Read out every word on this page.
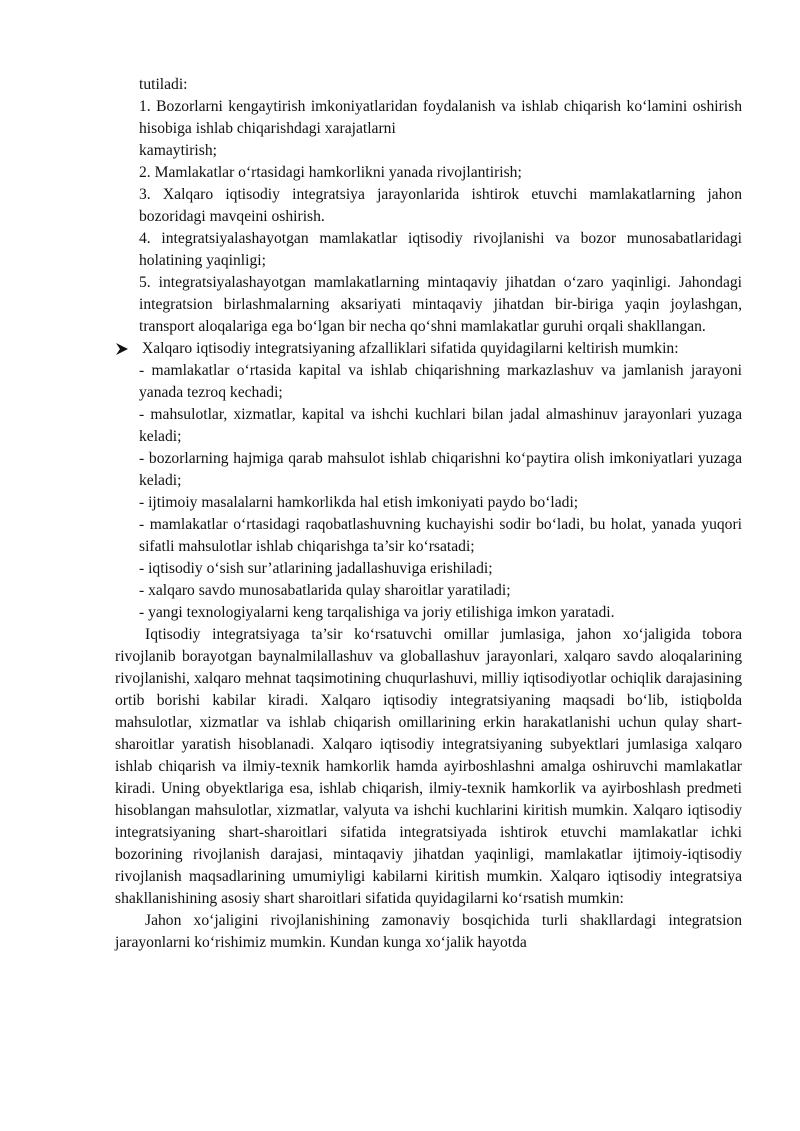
tutiladi:
1. Bozorlarni kengaytirish imkoniyatlaridan foydalanish va ishlab chiqarish ko‘lamini oshirish hisobiga ishlab chiqarishdagi xarajatlarni
kamaytirish;
2. Mamlakatlar o‘rtasidagi hamkorlikni yanada rivojlantirish;
3. Xalqaro iqtisodiy integratsiya jarayonlarida ishtirok etuvchi mamlakatlarning jahon bozoridagi mavqeini oshirish.
4. integratsiyalashayotgan mamlakatlar iqtisodiy rivojlanishi va bozor munosabatlaridagi holatining yaqinligi;
5. integratsiyalashayotgan mamlakatlarning mintaqaviy jihatdan o‘zaro yaqinligi. Jahondagi integratsion birlashmalarning aksariyati mintaqaviy jihatdan bir-biriga yaqin joylashgan, transport aloqalariga ega bo‘lgan bir necha qo‘shni mamlakatlar guruhi orqali shakllangan.
Xalqaro iqtisodiy integratsiyaning afzalliklari sifatida quyidagilarni keltirish mumkin:
- mamlakatlar o‘rtasida kapital va ishlab chiqarishning markazlashuv va jamlanish jarayoni yanada tezroq kechadi;
- mahsulotlar, xizmatlar, kapital va ishchi kuchlari bilan jadal almashinuv jarayonlari yuzaga keladi;
- bozorlarning hajmiga qarab mahsulot ishlab chiqarishni ko‘paytira olish imkoniyatlari yuzaga keladi;
- ijtimoiy masalalarni hamkorlikda hal etish imkoniyati paydo bo‘ladi;
- mamlakatlar o‘rtasidagi raqobatlashuvning kuchayishi sodir bo‘ladi, bu holat, yanada yuqori sifatli mahsulotlar ishlab chiqarishga ta’sir ko‘rsatadi;
- iqtisodiy o‘sish sur’atlarining jadallashuviga erishiladi;
- xalqaro savdo munosabatlarida qulay sharoitlar yaratiladi;
- yangi texnologiyalarni keng tarqalishiga va joriy etilishiga imkon yaratadi.
Iqtisodiy integratsiyaga ta’sir ko‘rsatuvchi omillar jumlasiga, jahon xo‘jaligida tobora rivojlanib borayotgan baynalmilallashuv va globallashuv jarayonlari, xalqaro savdo aloqalarining rivojlanishi, xalqaro mehnat taqsimotining chuqurlashuvi, milliy iqtisodiyotlar ochiqlik darajasining ortib borishi kabilar kiradi. Xalqaro iqtisodiy integratsiyaning maqsadi bo‘lib, istiqbolda mahsulotlar, xizmatlar va ishlab chiqarish omillarining erkin harakatlanishi uchun qulay shart-sharoitlar yaratish hisoblanadi. Xalqaro iqtisodiy integratsiyaning subyektlari jumlasiga xalqaro ishlab chiqarish va ilmiy-texnik hamkorlik hamda ayirboshlashni amalga oshiruvchi mamlakatlar kiradi. Uning obyektlariga esa, ishlab chiqarish, ilmiy-texnik hamkorlik va ayirboshlash predmeti hisoblangan mahsulotlar, xizmatlar, valyuta va ishchi kuchlarini kiritish mumkin. Xalqaro iqtisodiy integratsiyaning shart-sharoitlari sifatida integratsiyada ishtirok etuvchi mamlakatlar ichki bozorining rivojlanish darajasi, mintaqaviy jihatdan yaqinligi, mamlakatlar ijtimoiy-iqtisodiy rivojlanish maqsadlarining umumiyligi kabilarni kiritish mumkin. Xalqaro iqtisodiy integratsiya shakllanishining asosiy shart sharoitlari sifatida quyidagilarni ko‘rsatish mumkin:
Jahon xo‘jaligini rivojlanishining zamonaviy bosqichida turli shakllardagi integratsion jarayonlarni ko‘rishimiz mumkin. Kundan kunga xo‘jalik hayotda
